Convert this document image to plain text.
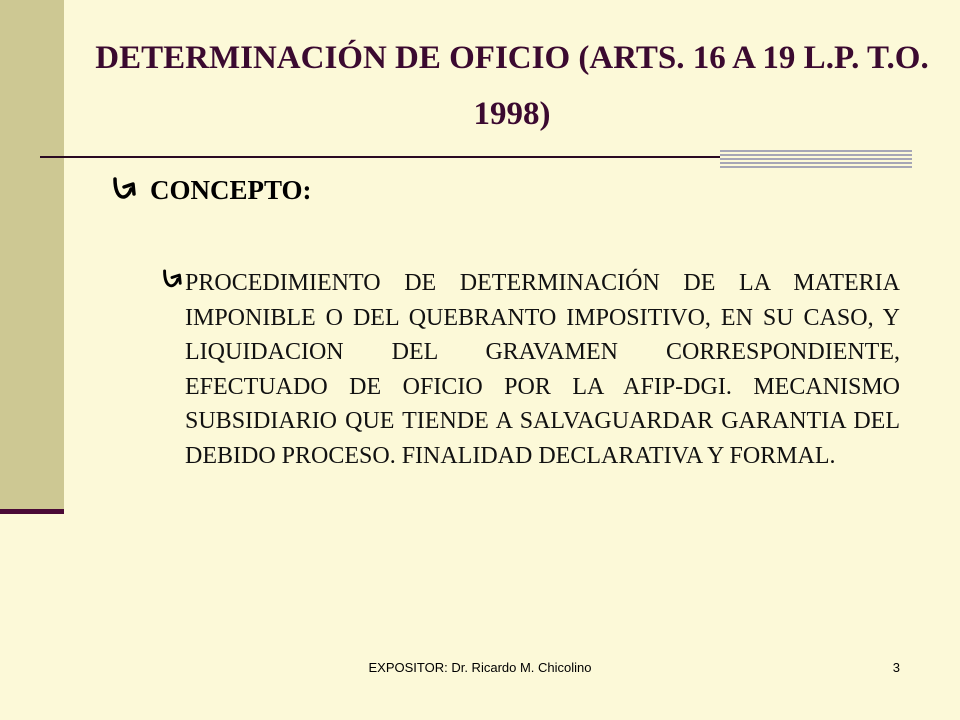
DETERMINACIÓN DE OFICIO (ARTS. 16 A 19 L.P. T.O. 1998)
CONCEPTO:
PROCEDIMIENTO DE DETERMINACIÓN DE LA MATERIA IMPONIBLE O DEL QUEBRANTO IMPOSITIVO, EN SU CASO, Y LIQUIDACION DEL GRAVAMEN CORRESPONDIENTE, EFECTUADO DE OFICIO POR LA AFIP-DGI. MECANISMO SUBSIDIARIO QUE TIENDE A SALVAGUARDAR GARANTIA DEL DEBIDO PROCESO. FINALIDAD DECLARATIVA Y FORMAL.
EXPOSITOR: Dr. Ricardo M. Chicolino	3
